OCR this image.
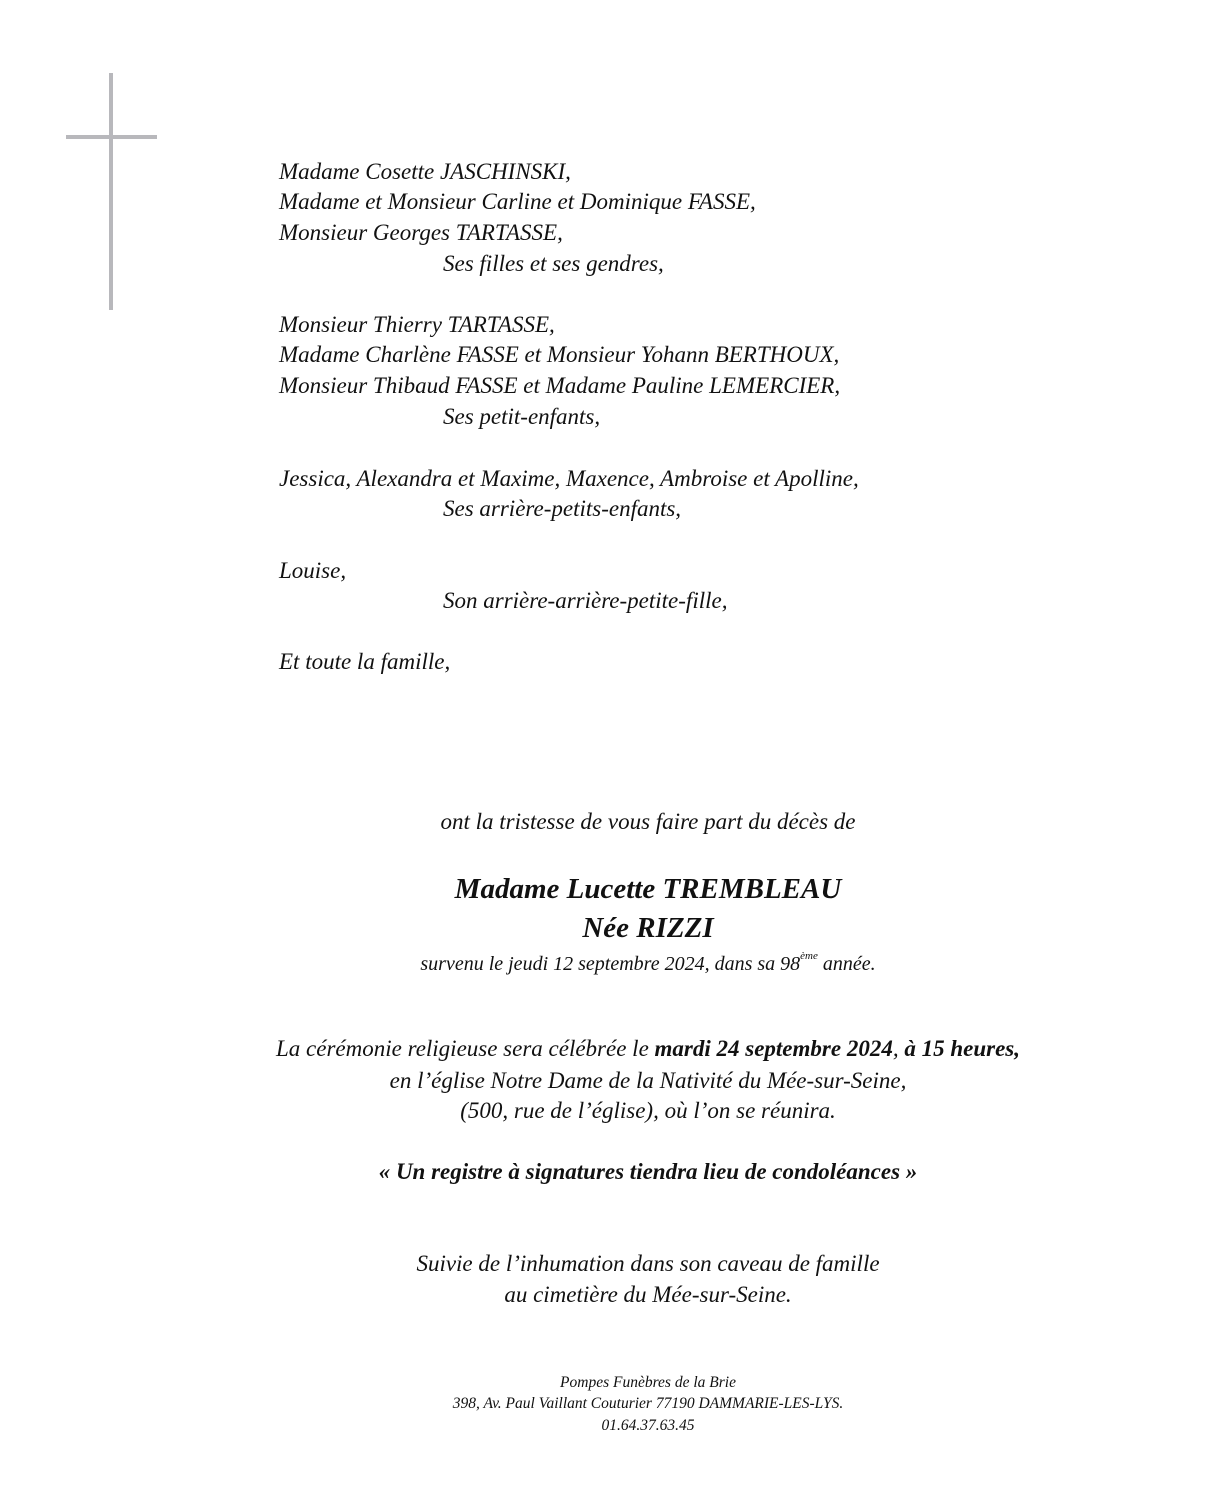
Madame Cosette JASCHINSKI,
Madame et Monsieur Carline et Dominique FASSE,
Monsieur Georges TARTASSE,
Ses filles et ses gendres,
Monsieur Thierry TARTASSE,
Madame Charlène FASSE et Monsieur Yohann BERTHOUX,
Monsieur Thibaud FASSE et Madame Pauline LEMERCIER,
Ses petit-enfants,
Jessica, Alexandra et Maxime, Maxence, Ambroise et Apolline,
Ses arrière-petits-enfants,
Louise,
Son arrière-arrière-petite-fille,
Et toute la famille,
ont la tristesse de vous faire part du décès de
Madame Lucette TREMBLEAU
Née RIZZI
survenu le jeudi 12 septembre 2024, dans sa 98ème année.
La cérémonie religieuse sera célébrée le mardi 24 septembre 2024, à 15 heures,
en l’église Notre Dame de la Nativité du Mée-sur-Seine,
(500, rue de l’église), où l’on se réunira.
« Un registre à signatures tiendra lieu de condoléances »
Suivie de l’inhumation dans son caveau de famille
au cimetière du Mée-sur-Seine.
Pompes Funèbres de la Brie
398, Av. Paul Vaillant Couturier 77190 DAMMARIE-LES-LYS.
01.64.37.63.45
